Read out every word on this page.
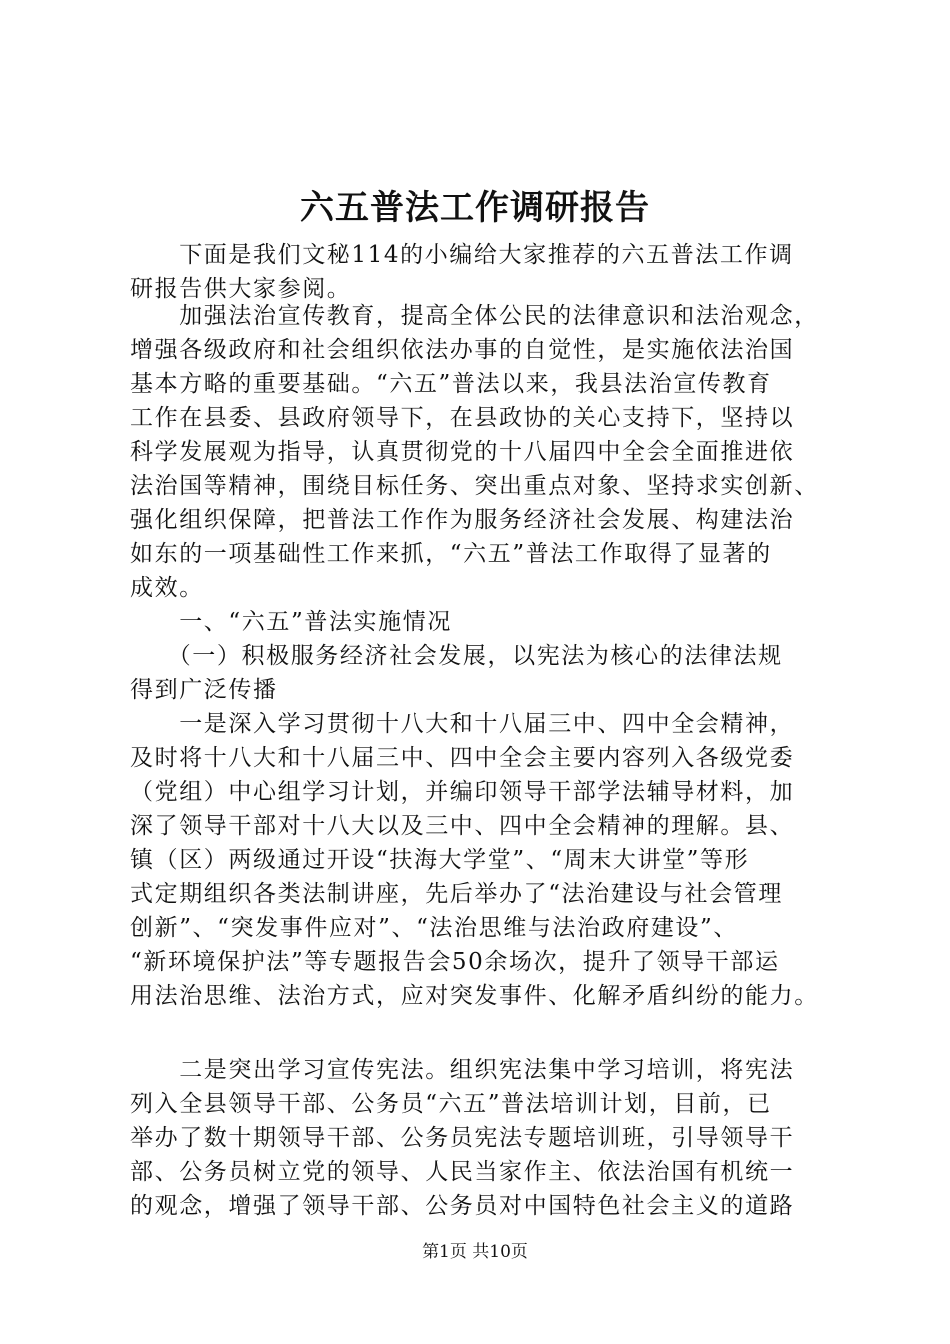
六五普法工作调研报告

　　下面是我们文秘114的小编给大家推荐的六五普法工作调

研报告供大家参阅。

　　加强法治宣传教育，提高全体公民的法律意识和法治观念，

增强各级政府和社会组织依法办事的自觉性，是实施依法治国

基本方略的重要基础。“六五”普法以来，我县法治宣传教育

工作在县委、县政府领导下，在县政协的关心支持下，坚持以

科学发展观为指导，认真贯彻党的十八届四中全会全面推进依

法治国等精神，围绕目标任务、突出重点对象、坚持求实创新、

强化组织保障，把普法工作作为服务经济社会发展、构建法治

如东的一项基础性工作来抓，“六五”普法工作取得了显著的

成效。

　　一、“六五”普法实施情况

　　（一）积极服务经济社会发展，以宪法为核心的法律法规

得到广泛传播

　　一是深入学习贯彻十八大和十八届三中、四中全会精神，

及时将十八大和十八届三中、四中全会主要内容列入各级党委

（党组）中心组学习计划，并编印领导干部学法辅导材料，加

深了领导干部对十八大以及三中、四中全会精神的理解。县、

镇（区）两级通过开设“扶海大学堂”、“周末大讲堂”等形

式定期组织各类法制讲座，先后举办了“法治建设与社会管理

创新”、“突发事件应对”、“法治思维与法治政府建设”、

“新环境保护法”等专题报告会50余场次，提升了领导干部运

用法治思维、法治方式，应对突发事件、化解矛盾纠纷的能力。

　　二是突出学习宣传宪法。组织宪法集中学习培训，将宪法

列入全县领导干部、公务员“六五”普法培训计划，目前，已

举办了数十期领导干部、公务员宪法专题培训班，引导领导干

部、公务员树立党的领导、人民当家作主、依法治国有机统一

的观念，增强了领导干部、公务员对中国特色社会主义的道路

第1页 共10页
